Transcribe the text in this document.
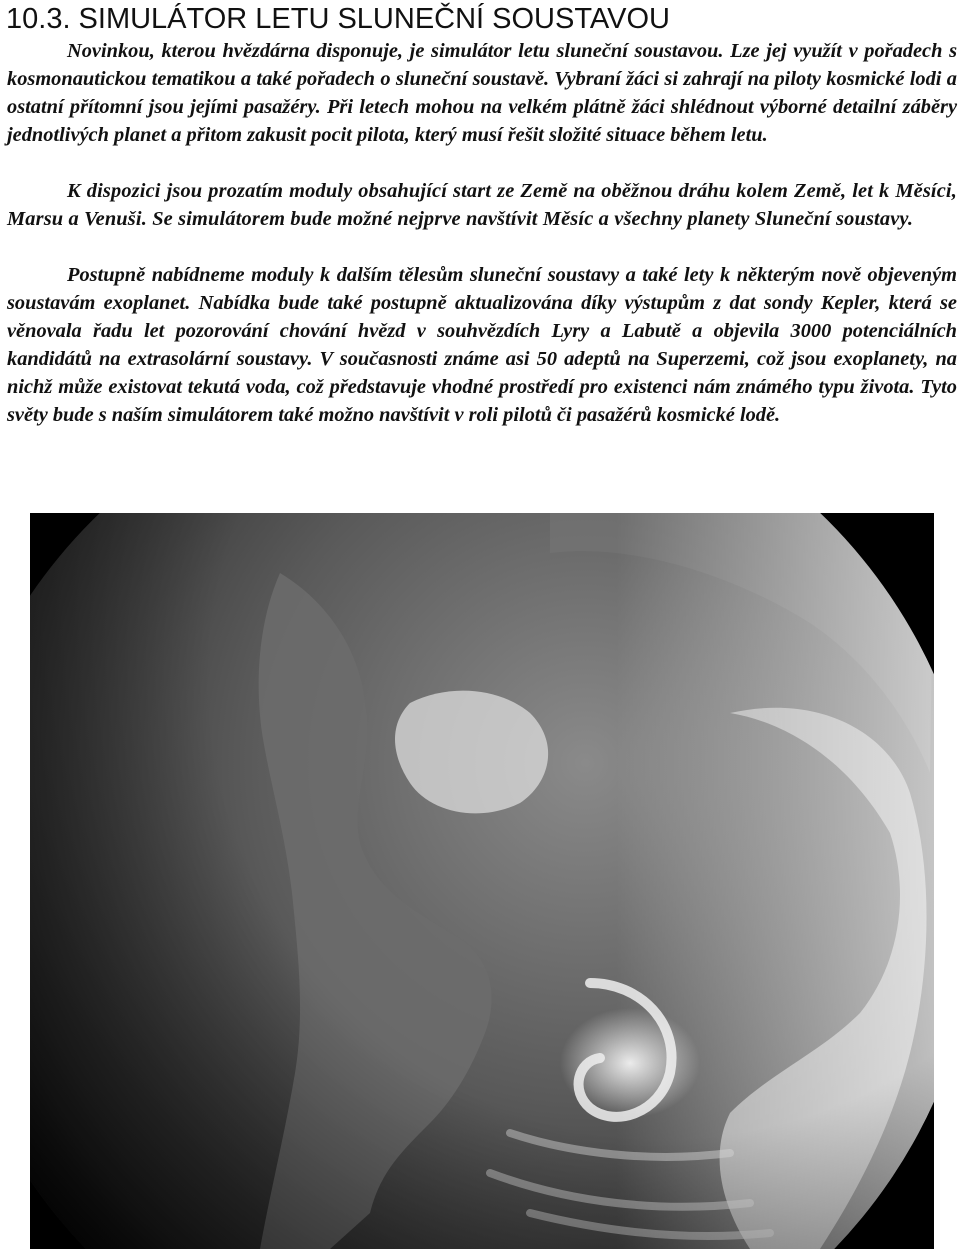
10.3. SIMULÁTOR LETU SLUNEČNÍ SOUSTAVOU

Novinkou, kterou hvězdárna disponuje, je simulátor letu sluneční soustavou. Lze jej využít v pořadech s kosmonautickou tematikou a také pořadech o sluneční soustavě. Vybraní žáci si zahrají na piloty kosmické lodi a ostatní přítomní jsou jejími pasažéry. Při letech mohou na velkém plátně žáci shlédnout výborné detailní záběry jednotlivých planet a přitom zakusit pocit pilota, který musí řešit složité situace během letu.

K dispozici jsou prozatím moduly obsahující start ze Země na oběžnou dráhu kolem Země, let k Měsíci, Marsu a Venuši. Se simulátorem bude možné nejprve navštívit Měsíc a všechny planety Sluneční soustavy.

Postupně nabídneme moduly k dalším tělesům sluneční soustavy a také lety k některým nově objeveným soustavám exoplanet. Nabídka bude také postupně aktualizována díky výstupům z dat sondy Kepler, která se věnovala řadu let pozorování chování hvězd v souhvězdích Lyry a Labutě a objevila 3000 potenciálních kandidátů na extrasolární soustavy. V současnosti známe asi 50 adeptů na Superzemi, což jsou exoplanety, na nichž může existovat tekutá voda, což představuje vhodné prostředí pro existenci nám známého typu života. Tyto světy bude s naším simulátorem také možno navštívit v roli pilotů či pasažérů kosmické lodě.
